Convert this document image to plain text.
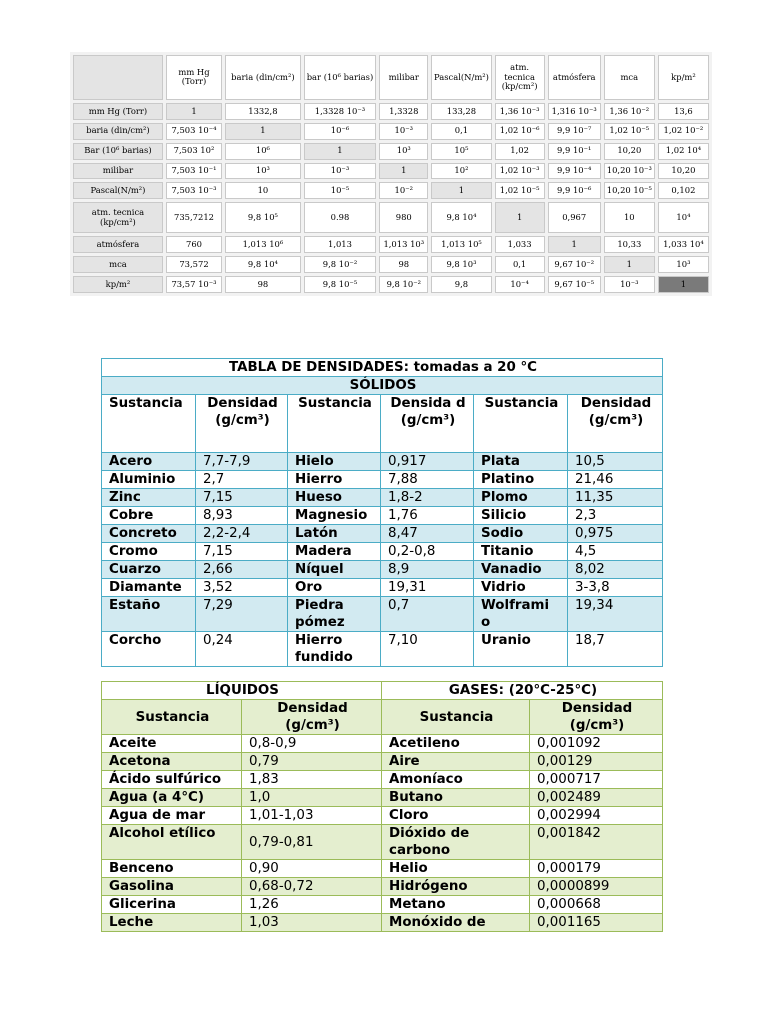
	mm Hg (Torr)	baria (din/cm²)	bar (10⁶ barias)	milibar	Pascal(N/m²)	atm. tecnica (kp/cm²)	atmósfera	mca	kp/m²
mm Hg (Torr)	1	1332,8	1,3328 10⁻³	1,3328	133,28	1,36 10⁻³	1,316 10⁻³	1,36 10⁻²	13,6
baria (din/cm²)	7,503 10⁻⁴	1	10⁻⁶	10⁻³	0,1	1,02 10⁻⁶	9,9 10⁻⁷	1,02 10⁻⁵	1,02 10⁻²
Bar (10⁶ barias)	7,503 10²	10⁶	1	10³	10⁵	1,02	9,9 10⁻¹	10,20	1,02 10⁴
milibar	7,503 10⁻¹	10³	10⁻³	1	10²	1,02 10⁻³	9,9 10⁻⁴	10,20 10⁻³	10,20
Pascal(N/m²)	7,503 10⁻³	10	10⁻⁵	10⁻²	1	1,02 10⁻⁵	9,9 10⁻⁶	10,20 10⁻⁵	0,102
atm. tecnica (kp/cm²)	735,7212	9,8 10⁵	0.98	980	9,8 10⁴	1	0,967	10	10⁴
atmósfera	760	1,013 10⁶	1,013	1,013 10³	1,013 10⁵	1,033	1	10,33	1,033 10⁴
mca	73,572	9,8 10⁴	9,8 10⁻²	98	9,8 10³	0,1	9,67 10⁻²	1	10³
kp/m²	73,57 10⁻³	98	9,8 10⁻⁵	9,8 10⁻²	9,8	10⁻⁴	9,67 10⁻⁵	10⁻³	1
TABLA DE DENSIDADES: tomadas a 20 °C					
SÓLIDOS					
Sustancia	Densidad (g/cm³)	Sustancia	Densida d (g/cm³)	Sustancia	Densidad (g/cm³)
Acero	7,7-7,9	Hielo	0,917	Plata	10,5
Aluminio	2,7	Hierro	7,88	Platino	21,46
Zinc	7,15	Hueso	1,8-2	Plomo	11,35
Cobre	8,93	Magnesio	1,76	Silicio	2,3
Concreto	2,2-2,4	Latón	8,47	Sodio	0,975
Cromo	7,15	Madera	0,2-0,8	Titanio	4,5
Cuarzo	2,66	Níquel	8,9	Vanadio	8,02
Diamante	3,52	Oro	19,31	Vidrio	3-3,8
Estaño	7,29	Piedra pómez	0,7	Wolframi o	19,34
Corcho	0,24	Hierro fundido	7,10	Uranio	18,7
LÍQUIDOS		GASES: (20°C-25°C)	
Sustancia	Densidad (g/cm³)	Sustancia	Densidad (g/cm³)
Aceite	0,8-0,9	Acetileno	0,001092
Acetona	0,79	Aire	0,00129
Ácido sulfúrico	1,83	Amoníaco	0,000717
Agua (a 4°C)	1,0	Butano	0,002489
Agua de mar	1,01-1,03	Cloro	0,002994
Alcohol etílico	0,79-0,81	Dióxido de carbono	0,001842
Benceno	0,90	Helio	0,000179
Gasolina	0,68-0,72	Hidrógeno	0,0000899
Glicerina	1,26	Metano	0,000668
Leche	1,03	Monóxido de	0,001165
